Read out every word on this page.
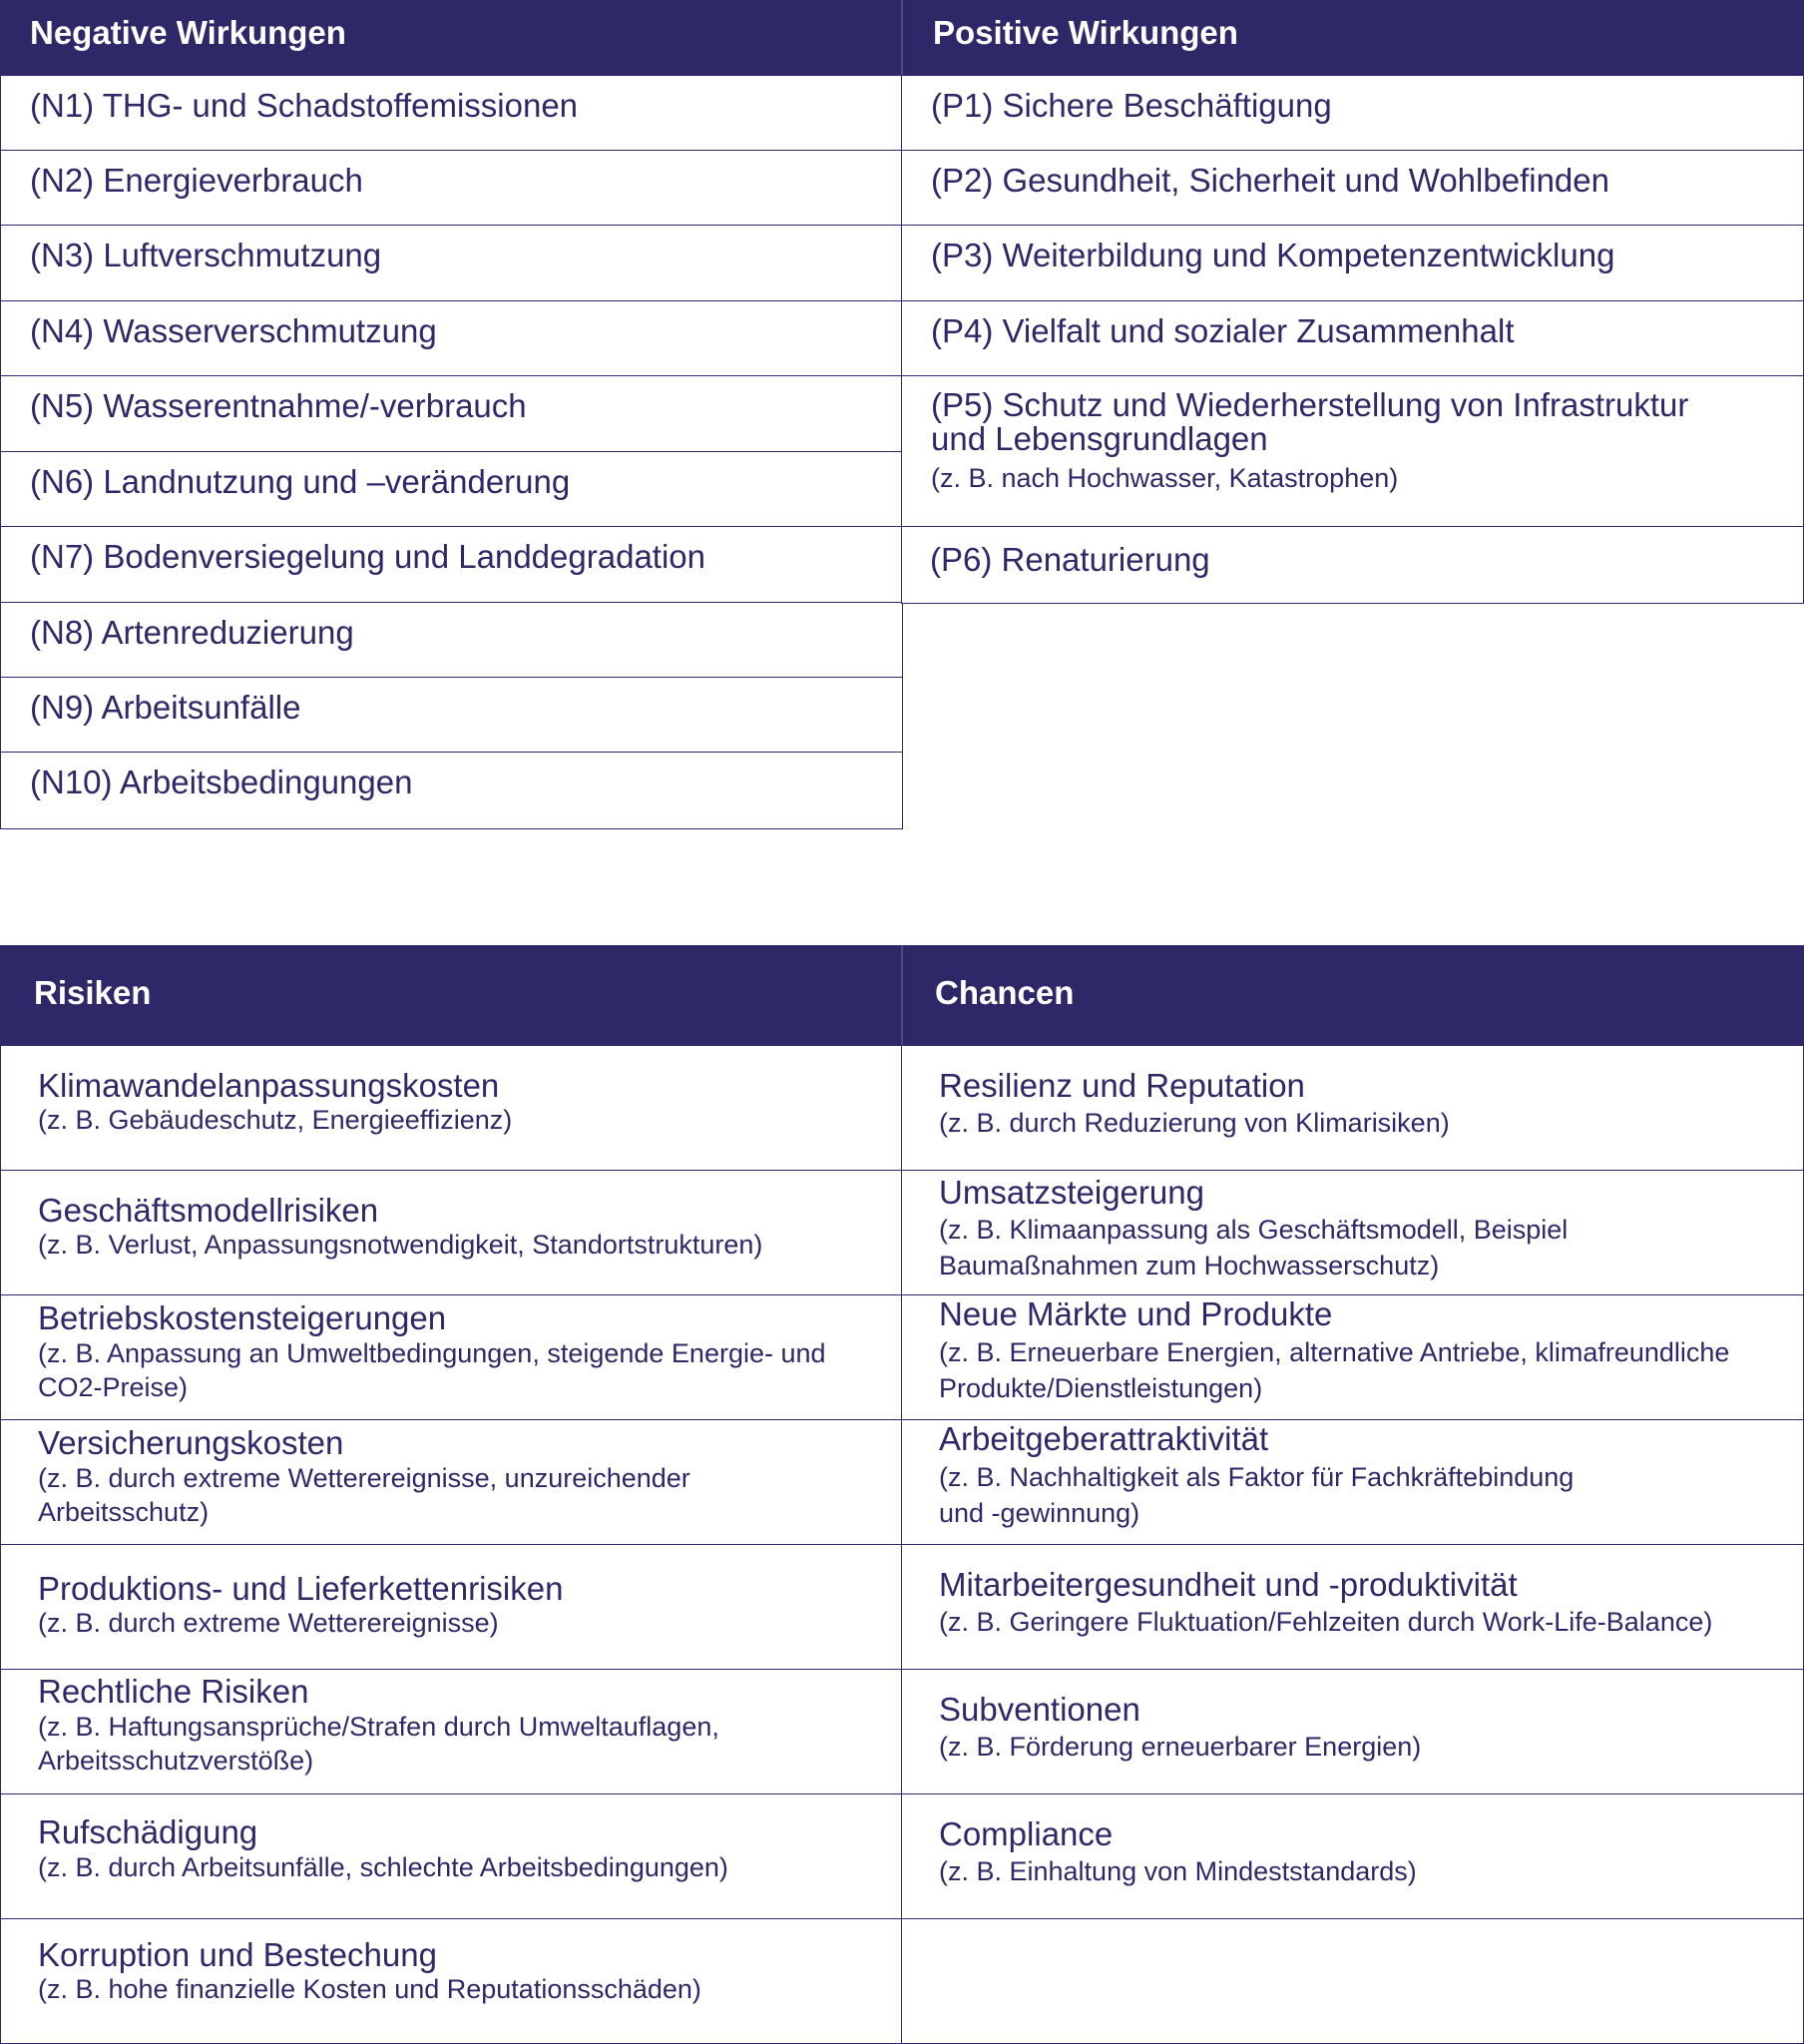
Negative Wirkungen	Positive Wirkungen
(N1) THG- und Schadstoffemissionen
(N2) Energieverbrauch
(N3) Luftverschmutzung
(N4) Wasserverschmutzung
(N5) Wasserentnahme/-verbrauch
(N6) Landnutzung und –veränderung
(N7) Bodenversiegelung und Landdegradation
(N8) Artenreduzierung
(N9) Arbeitsunfälle
(N10) Arbeitsbedingungen
(P1) Sichere Beschäftigung
(P2) Gesundheit, Sicherheit und Wohlbefinden
(P3) Weiterbildung und Kompetenzentwicklung
(P4) Vielfalt und sozialer Zusammenhalt
(P5) Schutz und Wiederherstellung von Infrastruktur
und Lebensgrundlagen
(z. B. nach Hochwasser, Katastrophen)
(P6) Renaturierung
Risiken	Chancen
Klimawandelanpassungskosten
(z. B. Gebäudeschutz, Energieeffizienz)
Geschäftsmodellrisiken
(z. B. Verlust, Anpassungsnotwendigkeit, Standortstrukturen)
Betriebskostensteigerungen
(z. B. Anpassung an Umweltbedingungen, steigende Energie- und
CO2-Preise)
Versicherungskosten
(z. B. durch extreme Wetterereignisse, unzureichender
Arbeitsschutz)
Produktions- und Lieferkettenrisiken
(z. B. durch extreme Wetterereignisse)
Rechtliche Risiken
(z. B. Haftungsansprüche/Strafen durch Umweltauflagen,
Arbeitsschutzverstöße)
Rufschädigung
(z. B. durch Arbeitsunfälle, schlechte Arbeitsbedingungen)
Korruption und Bestechung
(z. B. hohe finanzielle Kosten und Reputationsschäden)
Resilienz und Reputation
(z. B. durch Reduzierung von Klimarisiken)
Umsatzsteigerung
(z. B. Klimaanpassung als Geschäftsmodell, Beispiel
Baumaßnahmen zum Hochwasserschutz)
Neue Märkte und Produkte
(z. B. Erneuerbare Energien, alternative Antriebe, klimafreundliche
Produkte/Dienstleistungen)
Arbeitgeberattraktivität
(z. B. Nachhaltigkeit als Faktor für Fachkräftebindung
und -gewinnung)
Mitarbeitergesundheit und -produktivität
(z. B. Geringere Fluktuation/Fehlzeiten durch Work-Life-Balance)
Subventionen
(z. B. Förderung erneuerbarer Energien)
Compliance
(z. B. Einhaltung von Mindeststandards)
